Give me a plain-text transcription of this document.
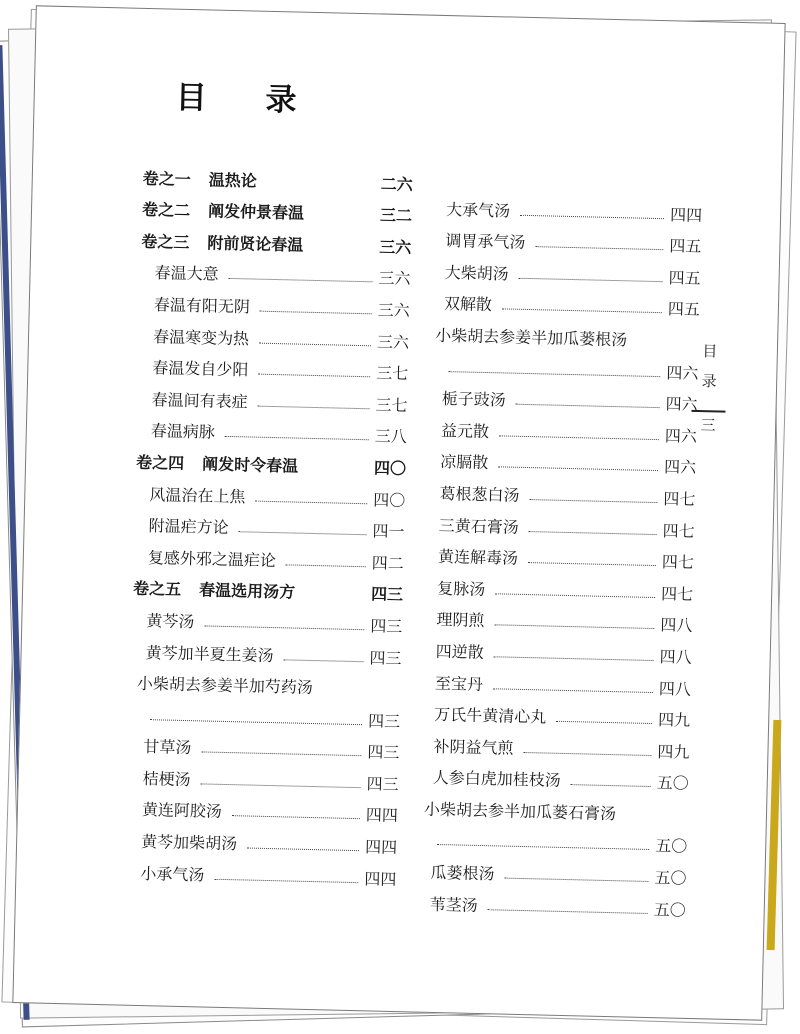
目 录
卷之一 温热论	二六
卷之二 阐发仲景春温	三二
卷之三 附前贤论春温	三六
春温大意	三六
春温有阳无阴	三六
春温寒变为热	三六
春温发自少阳	三七
春温间有表症	三七
春温病脉	三八
卷之四 阐发时令春温	四〇
风温治在上焦	四〇
附温疟方论	四一
复感外邪之温疟论	四二
卷之五 春温选用汤方	四三
黄芩汤	四三
黄芩加半夏生姜汤	四三
小柴胡去参姜半加芍药汤
四三
甘草汤	四三
桔梗汤	四三
黄连阿胶汤	四四
黄芩加柴胡汤	四四
小承气汤	四四
大承气汤	四四
调胃承气汤	四五
大柴胡汤	四五
双解散	四五
小柴胡去参姜半加瓜蒌根汤
四六
栀子豉汤	四六
益元散	四六
凉膈散	四六
葛根葱白汤	四七
三黄石膏汤	四七
黄连解毒汤	四七
复脉汤	四七
理阴煎	四八
四逆散	四八
至宝丹	四八
万氏牛黄清心丸	四九
补阴益气煎	四九
人参白虎加桂枝汤	五〇
小柴胡去参半加瓜蒌石膏汤
五〇
瓜蒌根汤	五〇
苇茎汤	五〇
目
录
三
